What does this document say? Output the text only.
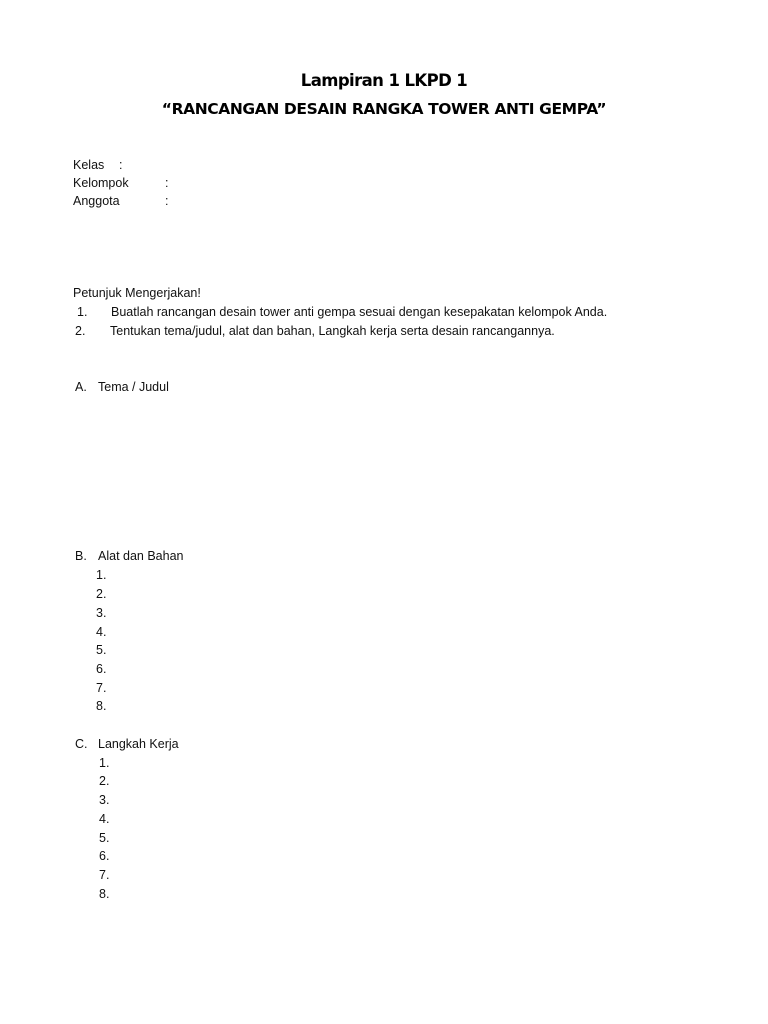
Lampiran 1 LKPD 1
“RANCANGAN DESAIN RANGKA TOWER ANTI GEMPA”
Kelas :
Kelompok	:
Anggota	:
Petunjuk Mengerjakan!
1. Buatlah rancangan desain tower anti gempa sesuai dengan kesepakatan kelompok Anda.
2. Tentukan tema/judul, alat dan bahan, Langkah kerja serta desain rancangannya.
A. Tema / Judul
B. Alat dan Bahan
1.
2.
3.
4.
5.
6.
7.
8.
C. Langkah Kerja
1.
2.
3.
4.
5.
6.
7.
8.
